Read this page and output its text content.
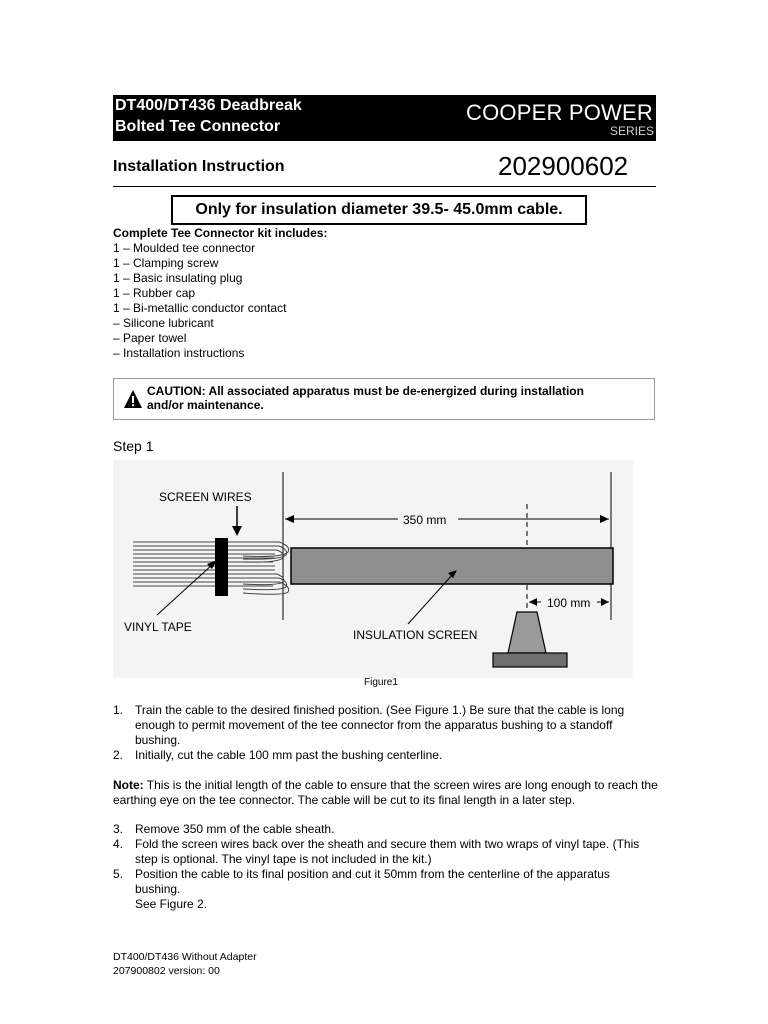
DT400/DT436 Deadbreak
Bolted Tee Connector
COOPER POWER
SERIES
Installation Instruction	202900602
Only for insulation diameter 39.5- 45.0mm cable.
Complete Tee Connector kit includes:
1 – Moulded tee connector
1 – Clamping screw
1 – Basic insulating plug
1 – Rubber cap
1 – Bi-metallic conductor contact
– Silicone lubricant
– Paper towel
– Installation instructions
CAUTION: All associated apparatus must be de-energized during installation
and/or maintenance.
Step 1
350 mm
SCREEN WIRES
VINYL TAPE
INSULATION SCREEN
100 mm
Figure1
1. Train the cable to the desired finished position. (See Figure 1.) Be sure that the cable is long enough to permit movement of the tee connector from the apparatus bushing to a standoff bushing.
2. Initially, cut the cable 100 mm past the bushing centerline.
Note: This is the initial length of the cable to ensure that the screen wires are long enough to reach the earthing eye on the tee connector. The cable will be cut to its final length in a later step.
3. Remove 350 mm of the cable sheath.
4. Fold the screen wires back over the sheath and secure them with two wraps of vinyl tape. (This step is optional. The vinyl tape is not included in the kit.)
5. Position the cable to its final position and cut it 50mm from the centerline of the apparatus bushing.
See Figure 2.
DT400/DT436 Without Adapter
207900802 version: 00
